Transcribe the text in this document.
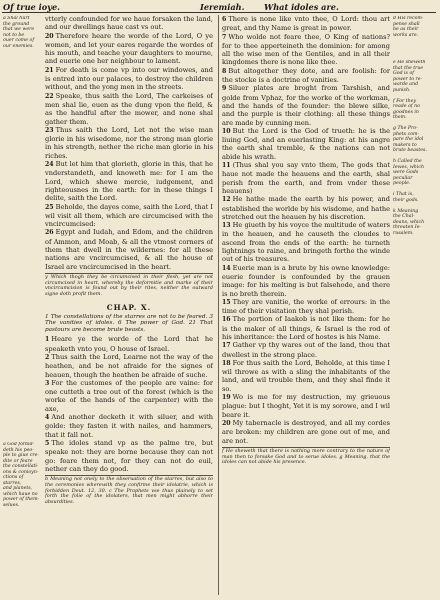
Of true ioye.	Ieremiah. What idoles are.
a Shal hurt
the ground
that we were
not to be
ouer come of
our enemies.
a God forbid-
deth his peo-
ple to giue cre-
dite or feare
the constellati-
ons & conioyn-
ctions of starres,
and planets,
which haue no
power of them-
selues.
d His recom-
pense shall
be as their
works are.
e He sheweth
that the true
God is of
power to re-
warde and
punish.

f For they
reade of no
goodnes in
them.

g The Pro-
phets com-
pare the idol
makers to
brute beastes.

h Called the
Iewes, which
were Gods
peculiar
people.

i That is,
their gods.

k Meaning
the Chal-
deans, which
threaten Ie-
rusalem.

vtterly confounded for we haue forsaken the land, and our dwellings haue cast vs out.

20 Therefore heare the worde of the Lord, O ye women, and let your eares regarde the wordes of his mouth, and teache your daughters to mourne, and euerie one her neighbour to lament.

21 For death is come vp into our windowes, and is entred into our palaces, to destroy the children without, and the yong men in the streets.

22 Speake, thus saith the Lord, The carkeises of men shal lie, euen as the dung vpon the field, & as the handful after the mower, and none shal gather them.

23 Thus saith the Lord, Let not the wise man glorie in his wisedome, nor the strong man glorie in his strength, nether the riche man glorie in his riches.

24 But let him that glorieth, glorie in this, that he vnderstandeth, and knoweth me: for I am the Lord, which shewe mercie, iudgement, and righteousnes in the earth: for in these things I delite, saith the Lord.

25 Beholde, the dayes come, saith the Lord, that I wil visit all them, which are circumcised with the vncircumcised:

26 Egypt and Iudah, and Edom, and the children of Ammon, and Moab, & all the vtmost corners of them that dwell in the wildernes: for all these nations are vncircumcised, & all the house of Israel are vncircumcised in the heart.

y Which thogh they be circumcised in their flesh, yet are not circumcised in heart, whereby the deformitie and marke of their vncircumcision is found out by their rites, neither the outward signe doth profit them.

CHAP. X.

1 The constellations of the starres are not to be feared. 3 The vanities of idoles. 6 The power of God. 21 That pastours are become brute beasts.

1 Heare ye the worde of the Lord that he speaketh vnto you, O house of Israel.

2 Thus saith the Lord, Learne not the way of the heathen, and be not afraide for the signes of heauen, though the heathen be afraide of suche.

3 For the customes of the people are vaine: for one cutteth a tree out of the forest (which is the worke of the hands of the carpenter) with the axe,

4 And another decketh it with siluer, and with golde: they fasten it with nailes, and hammers, that it fall not.

5 The idoles stand vp as the palme tre, but speake not: they are borne because they can not go: feare them not, for they can not do euil, nether can they do good.

b Meaning not onely to the obseruation of the starres, but also to the ceremonies wherewith they confirme their idolatrie, which is forbidden Deut. 12, 30. c The Prophets vse thus plainely to set forth the folie of the idolaters, that men might abhorre their absurdities.

6 There is none like vnto thee, O Lord: thou art great, and thy Name is great in power.

7 Who wolde not feare thee, O King of nations? for to thee apperteineth the dominion: for among all the wise men of the Gentiles, and in all their kingdomes there is none like thee.

8 But altogether they dote, and are foolish: for the stocke is a doctrine of vanities.

9 Siluer plates are broght from Tarshish, and golde from Vphaz, for the worke of the workman, and the hands of the founder: the blewe silke, and the purple is their clothing: all these things are made by cunning men.

10 But the Lord is the God of trueth: he is the liuing God, and an euerlasting King: at his angre the earth shal tremble, & the nations can not abide his wrath.

11 (Thus shal you say vnto them, The gods that haue not made the heauens and the earth, shal perish from the earth, and from vnder these heauens)

12 He hathe made the earth by his power, and established the worlde by his wisdome, and hathe stretched out the heauen by his discretion.

13 He giueth by his voyce the multitude of waters in the heauen, and he causeth the cloudes to ascend from the ends of the earth: he turneth lightnings to raine, and bringeth forthe the winde out of his treasures.

14 Euerie man is a brute by his owne knowledge: euerie founder is confounded by the grauen image: for his melting is but falsehode, and there is no breth therein.

15 They are vanitie, the worke of errours: in the time of their visitation they shal perish.

16 The portion of Iaakob is not like them: for he is the maker of all things, & Israel is the rod of his inheritance: the Lord of hostes is his Name.

17 Gather vp thy wares out of the land, thou that dwellest in the strong place.

18 For thus saith the Lord, Beholde, at this time I wil throwe as with a sling the inhabitants of the land, and wil trouble them, and they shal finde it so.

19 Wo is me for my destruction, my grieuous plague: but I thoght, Yet it is my sorowe, and I wil beare it.

20 My tabernacle is destroyed, and all my cordes are broken: my children are gone out of me, and are not.

f He sheweth that there is nothing more contrary to the nature of man then to forsake God and to serue idoles. g Meaning, that the idoles can not abide his presence.
